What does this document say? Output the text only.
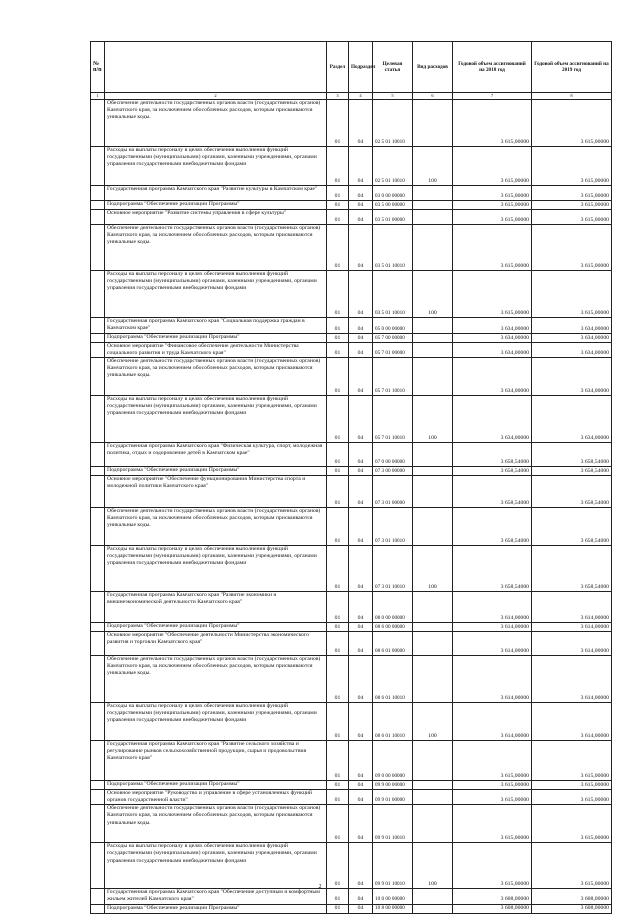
№ п/п		Раздел	Подраздел	Целевая статья	Вид расходов	Годовой объем ассигнований на 2018 год	Годовой объем ассигнований на 2019 год
1	2	3	4	5	6	7	8
	Обеспечение деятельности государственных органов власти (государственных органов) Камчатского края, за исключением обособленных расходов, которым присваиваются уникальные коды.	01	04	02 5 01 10010		3 615,00000	3 615,00000
	Расходы на выплаты персоналу в целях обеспечения выполнения функций государственными (муниципальными) органами, казенными учреждениями, органами управления государственными внебюджетными фондами	01	04	02 5 01 10010	100	3 615,00000	3 615,00000
	Государственная программа Камчатского края "Развитие культуры в Камчатском крае"	01	04	03 0 00 00000		3 615,00000	3 615,00000
	Подпрограмма "Обеспечение реализации Программы"	01	04	03 5 00 00000		3 615,00000	3 615,00000
	Основное мероприятие "Развитие системы управления в сфере культуры"	01	04	03 5 01 00000		3 615,00000	3 615,00000
	Обеспечение деятельности государственных органов власти (государственных органов) Камчатского края, за исключением обособленных расходов, которым присваиваются уникальные коды.	01	04	03 5 01 10010		3 615,00000	3 615,00000
	Расходы на выплаты персоналу в целях обеспечения выполнения функций государственными (муниципальными) органами, казенными учреждениями, органами управления государственными внебюджетными фондами	01	04	03 5 01 10010	100	3 615,00000	3 615,00000
	Государственная программа Камчатского края "Социальная поддержка граждан в Камчатском крае"	01	04	05 0 00 00000		3 634,00000	3 634,00000
	Подпрограмма "Обеспечение реализации Программы"	01	04	05 7 00 00000		3 634,00000	3 634,00000
	Основное мероприятие "Финансовое обеспечение деятельности Министерства социального развития и труда Камчатского края"	01	04	05 7 01 00000		3 634,00000	3 634,00000
	Обеспечение деятельности государственных органов власти (государственных органов) Камчатского края, за исключением обособленных расходов, которым присваиваются уникальные коды.	01	04	05 7 01 10010		3 634,00000	3 634,00000
	Расходы на выплаты персоналу в целях обеспечения выполнения функций государственными (муниципальными) органами, казенными учреждениями, органами управления государственными внебюджетными фондами	01	04	05 7 01 10010	100	3 634,00000	3 634,00000
	Государственная программа Камчатского края "Физическая культура, спорт, молодежная политика, отдых и оздоровление детей в Камчатском крае"	01	04	07 0 00 00000		3 658,54000	3 658,54000
	Подпрограмма "Обеспечение реализации Программы"	01	04	07 3 00 00000		3 658,54000	3 658,54000
	Основное мероприятие "Обеспечение функционирования Министерства спорта и молодежной политики Камчатского края"	01	04	07 3 01 00000		3 658,54000	3 658,54000
	Обеспечение деятельности государственных органов власти (государственных органов) Камчатского края, за исключением обособленных расходов, которым присваиваются уникальные коды.	01	04	07 3 01 10010		3 658,54000	3 658,54000
	Расходы на выплаты персоналу в целях обеспечения выполнения функций государственными (муниципальными) органами, казенными учреждениями, органами управления государственными внебюджетными фондами	01	04	07 3 01 10010	100	3 658,54000	3 658,54000
	Государственная программа Камчатского края "Развитие экономики и внешнеэкономической деятельности Камчатского края"	01	04	08 0 00 00000		3 614,00000	3 614,00000
	Подпрограмма "Обеспечение реализации Программы"	01	04	08 6 00 00000		3 614,00000	3 614,00000
	Основное мероприятие "Обеспечение деятельности Министерства экономического развития и торговли Камчатского края"	01	04	08 6 01 00000		3 614,00000	3 614,00000
	Обеспечение деятельности государственных органов власти (государственных органов) Камчатского края, за исключением обособленных расходов, которым присваиваются уникальные коды.	01	04	08 6 01 10010		3 614,00000	3 614,00000
	Расходы на выплаты персоналу в целях обеспечения выполнения функций государственными (муниципальными) органами, казенными учреждениями, органами управления государственными внебюджетными фондами	01	04	08 6 01 10010	100	3 614,00000	3 614,00000
	Государственная программа Камчатского края "Развитие сельского хозяйства и регулирование рынков сельскохозяйственной продукции, сырья и продовольствия Камчатского края"	01	04	09 0 00 00000		3 615,00000	3 615,00000
	Подпрограмма "Обеспечение реализации Программы"	01	04	09 9 00 00000		3 615,00000	3 615,00000
	Основное мероприятие "Руководство и управление в сфере установленных функций органов государственной власти"	01	04	09 9 01 00000		3 615,00000	3 615,00000
	Обеспечение деятельности государственных органов власти (государственных органов) Камчатского края, за исключением обособленных расходов, которым присваиваются уникальные коды.	01	04	09 9 01 10010		3 615,00000	3 615,00000
	Расходы на выплаты персоналу в целях обеспечения выполнения функций государственными (муниципальными) органами, казенными учреждениями, органами управления государственными внебюджетными фондами	01	04	09 9 01 10010	100	3 615,00000	3 615,00000
	Государственная программа Камчатского края "Обеспечение доступным и комфортным жильем жителей Камчатского края"	01	04	10 0 00 00000		3 608,00000	3 608,00000
	Подпрограмма "Обеспечение реализации Программы"	01	04	10 8 00 00000		3 608,00000	3 608,00000
2
